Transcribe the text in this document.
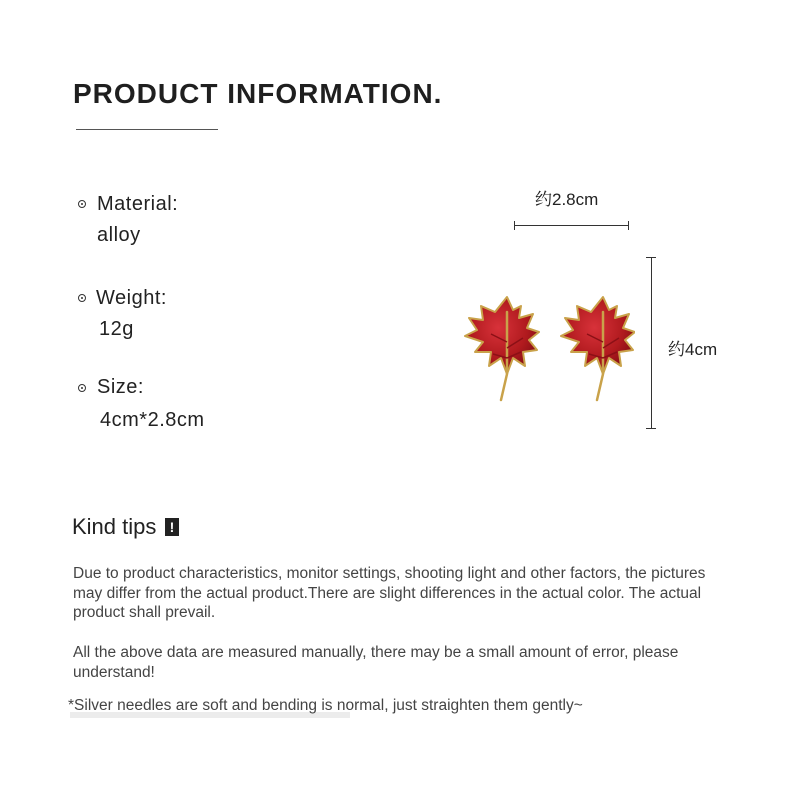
PRODUCT INFORMATION.
Material:
alloy
Weight:
12g
Size:
4cm*2.8cm
约2.8cm
约4cm
Kind tips !
Due to product characteristics, monitor settings, shooting light and other factors, the pictures may differ from the actual product.There are slight differences in the actual color. The actual product shall prevail.
All the above data are measured manually, there may be a small amount of error, please understand!
*Silver needles are soft and bending is normal, just straighten them gently~
